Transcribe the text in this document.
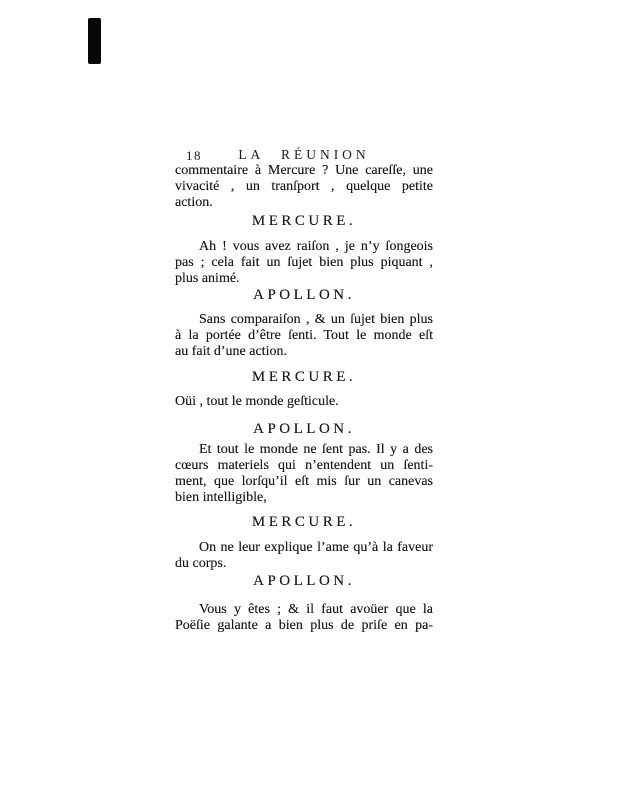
18	LA RÉUNION
commentaire à Mercure ? Une careſſe, une
vivacité , un tranſport , quelque petite
action.
MERCURE.
Ah ! vous avez raiſon , je n’y ſongeois
pas ; cela fait un ſujet bien plus piquant ,
plus animé.
APOLLON.
Sans comparaiſon , & un ſujet bien plus
à la portée d’être ſenti. Tout le monde eſt
au fait d’une action.
MERCURE.
Oüi , tout le monde geſticule.
APOLLON.
Et tout le monde ne ſent pas. Il y a des
cœurs materiels qui n’entendent un ſenti-
ment, que lorſqu’il eſt mis ſur un canevas
bien intelligible,
MERCURE.
On ne leur explique l’ame qu’à la faveur
du corps.
APOLLON.
Vous y êtes ; & il faut avoüer que la
Poëſie galante a bien plus de priſe en pa-
